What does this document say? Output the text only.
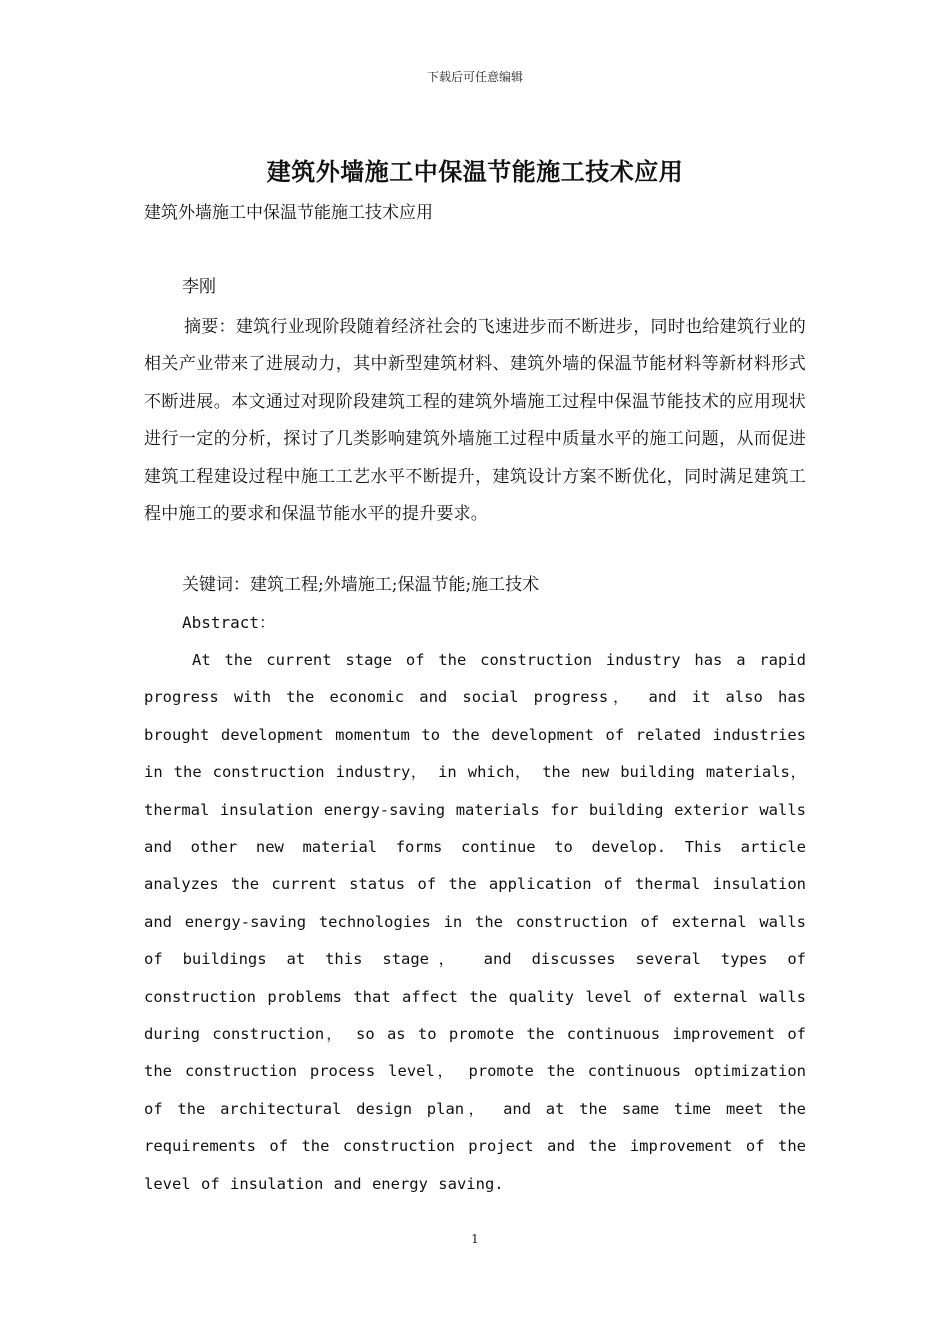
下载后可任意编辑
建筑外墙施工中保温节能施工技术应用
建筑外墙施工中保温节能施工技术应用
李刚
摘要：建筑行业现阶段随着经济社会的飞速进步而不断进步，同时也给建筑行业的相关产业带来了进展动力，其中新型建筑材料、建筑外墙的保温节能材料等新材料形式不断进展。本文通过对现阶段建筑工程的建筑外墙施工过程中保温节能技术的应用现状进行一定的分析，探讨了几类影响建筑外墙施工过程中质量水平的施工问题，从而促进建筑工程建设过程中施工工艺水平不断提升，建筑设计方案不断优化，同时满足建筑工程中施工的要求和保温节能水平的提升要求。
关键词：建筑工程;外墙施工;保温节能;施工技术
Abstract：
At the current stage of the construction industry has a rapid progress with the economic and social progress， and it also has brought development momentum to the development of related industries in the construction industry， in which， the new building materials， thermal insulation energy-saving materials for building exterior walls and other new material forms continue to develop. This article analyzes the current status of the application of thermal insulation and energy-saving technologies in the construction of external walls of buildings at this stage， and discusses several types of construction problems that affect the quality level of external walls during construction， so as to promote the continuous improvement of the construction process level， promote the continuous optimization of the architectural design plan， and at the same time meet the requirements of the construction project and the improvement of the level of insulation and energy saving.
1
